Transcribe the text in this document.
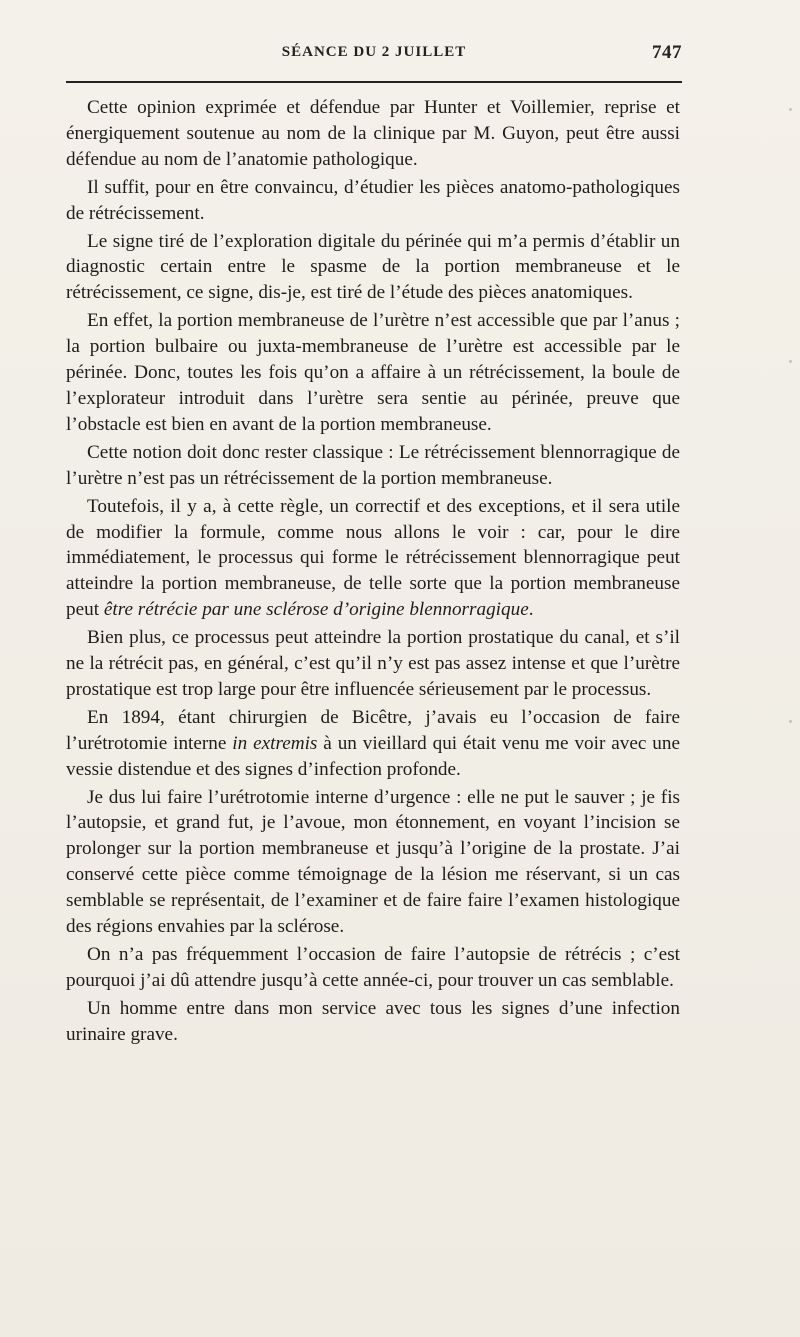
SÉANCE DU 2 JUILLET	747

Cette opinion exprimée et défendue par Hunter et Voillemier, reprise et énergiquement soutenue au nom de la clinique par M. Guyon, peut être aussi défendue au nom de l’anatomie pathologique.

Il suffit, pour en être convaincu, d’étudier les pièces anatomo-pathologiques de rétrécissement.

Le signe tiré de l’exploration digitale du périnée qui m’a permis d’établir un diagnostic certain entre le spasme de la portion membraneuse et le rétrécissement, ce signe, dis-je, est tiré de l’étude des pièces anatomiques.

En effet, la portion membraneuse de l’urètre n’est accessible que par l’anus ; la portion bulbaire ou juxta-membraneuse de l’urètre est accessible par le périnée. Donc, toutes les fois qu’on a affaire à un rétrécissement, la boule de l’explorateur introduit dans l’urètre sera sentie au périnée, preuve que l’obstacle est bien en avant de la portion membraneuse.

Cette notion doit donc rester classique : Le rétrécissement blennorragique de l’urètre n’est pas un rétrécissement de la portion membraneuse.

Toutefois, il y a, à cette règle, un correctif et des exceptions, et il sera utile de modifier la formule, comme nous allons le voir : car, pour le dire immédiatement, le processus qui forme le rétrécissement blennorragique peut atteindre la portion membraneuse, de telle sorte que la portion membraneuse peut être rétrécie par une sclérose d’origine blennorragique.

Bien plus, ce processus peut atteindre la portion prostatique du canal, et s’il ne la rétrécit pas, en général, c’est qu’il n’y est pas assez intense et que l’urètre prostatique est trop large pour être influencée sérieusement par le processus.

En 1894, étant chirurgien de Bicêtre, j’avais eu l’occasion de faire l’urétrotomie interne in extremis à un vieillard qui était venu me voir avec une vessie distendue et des signes d’infection profonde.

Je dus lui faire l’urétrotomie interne d’urgence : elle ne put le sauver ; je fis l’autopsie, et grand fut, je l’avoue, mon étonnement, en voyant l’incision se prolonger sur la portion membraneuse et jusqu’à l’origine de la prostate. J’ai conservé cette pièce comme témoignage de la lésion me réservant, si un cas semblable se représentait, de l’examiner et de faire faire l’examen histologique des régions envahies par la sclérose.

On n’a pas fréquemment l’occasion de faire l’autopsie de rétrécis ; c’est pourquoi j’ai dû attendre jusqu’à cette année-ci, pour trouver un cas semblable.

Un homme entre dans mon service avec tous les signes d’une infection urinaire grave.
